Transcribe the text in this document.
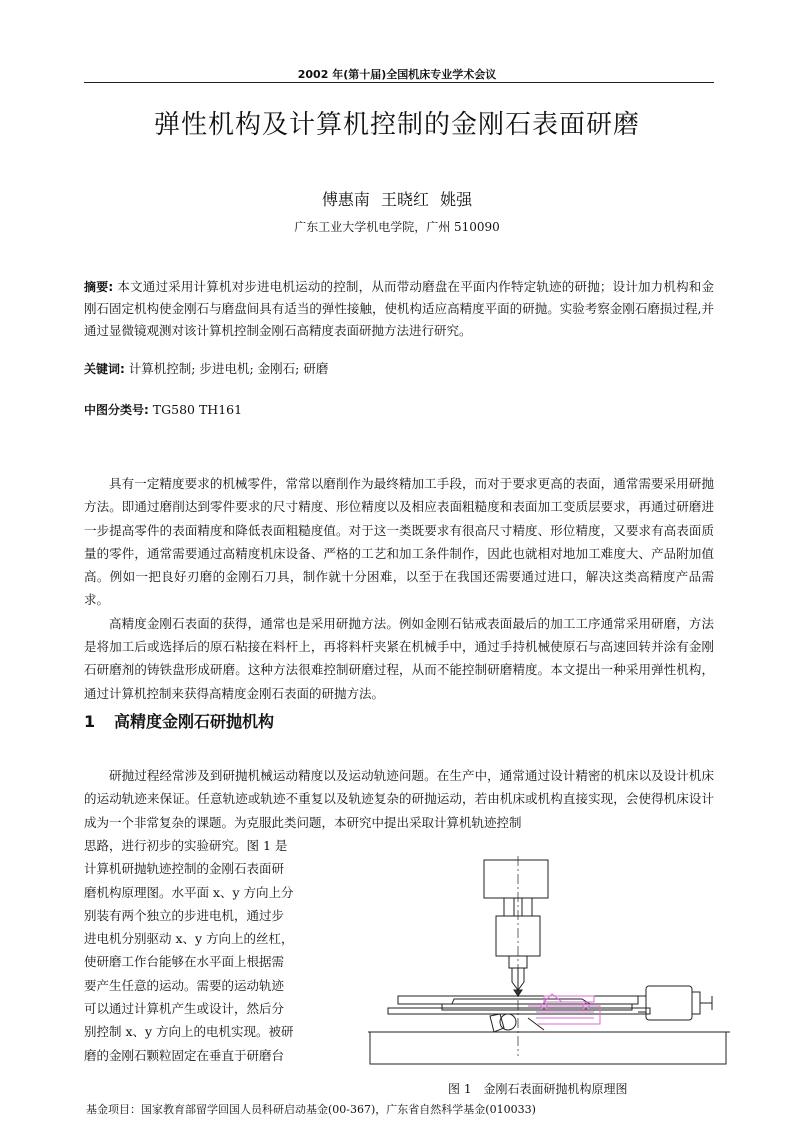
2002 年(第十届)全国机床专业学术会议
弹性机构及计算机控制的金刚石表面研磨
傅惠南 王晓红 姚强
广东工业大学机电学院，广州 510090
摘要: 本文通过采用计算机对步进电机运动的控制，从而带动磨盘在平面内作特定轨迹的研抛；设计加力机构和金刚石固定机构使金刚石与磨盘间具有适当的弹性接触，使机构适应高精度平面的研抛。实验考察金刚石磨损过程,并通过显微镜观测对该计算机控制金刚石高精度表面研抛方法进行研究。
关键词: 计算机控制; 步进电机; 金刚石; 研磨
中图分类号: TG580 TH161

具有一定精度要求的机械零件，常常以磨削作为最终精加工手段，而对于要求更高的表面，通常需要采用研抛方法。即通过磨削达到零件要求的尺寸精度、形位精度以及相应表面粗糙度和表面加工变质层要求，再通过研磨进一步提高零件的表面精度和降低表面粗糙度值。对于这一类既要求有很高尺寸精度、形位精度，又要求有高表面质量的零件，通常需要通过高精度机床设备、严格的工艺和加工条件制作，因此也就相对地加工难度大、产品附加值高。例如一把良好刃磨的金刚石刀具，制作就十分困难，以至于在我国还需要通过进口，解决这类高精度产品需求。

高精度金刚石表面的获得，通常也是采用研抛方法。例如金刚石钻戒表面最后的加工工序通常采用研磨，方法是将加工后或选择后的原石粘接在料杆上，再将料杆夹紧在机械手中，通过手持机械使原石与高速回转并涂有金刚石研磨剂的铸铁盘形成研磨。这种方法很难控制研磨过程，从而不能控制研磨精度。本文提出一种采用弹性机构，通过计算机控制来获得高精度金刚石表面的研抛方法。

1 高精度金刚石研抛机构

研抛过程经常涉及到研抛机械运动精度以及运动轨迹问题。在生产中，通常通过设计精密的机床以及设计机床的运动轨迹来保证。任意轨迹或轨迹不重复以及轨迹复杂的研抛运动，若由机床或机构直接实现，会使得机床设计成为一个非常复杂的课题。为克服此类问题，本研究中提出采取计算机轨迹控制

思路，进行初步的实验研究。图 1 是
计算机研抛轨迹控制的金刚石表面研
磨机构原理图。水平面 x、y 方向上分
别装有两个独立的步进电机，通过步
进电机分别驱动 x、y 方向上的丝杠，
使研磨工作台能够在水平面上根据需
要产生任意的运动。需要的运动轨迹
可以通过计算机产生或设计，然后分
别控制 x、y 方向上的电机实现。被研
磨的金刚石颗粒固定在垂直于研磨台
图 1　金刚石表面研抛机构原理图
基金项目：国家教育部留学回国人员科研启动基金(00-367)，广东省自然科学基金(010033)
